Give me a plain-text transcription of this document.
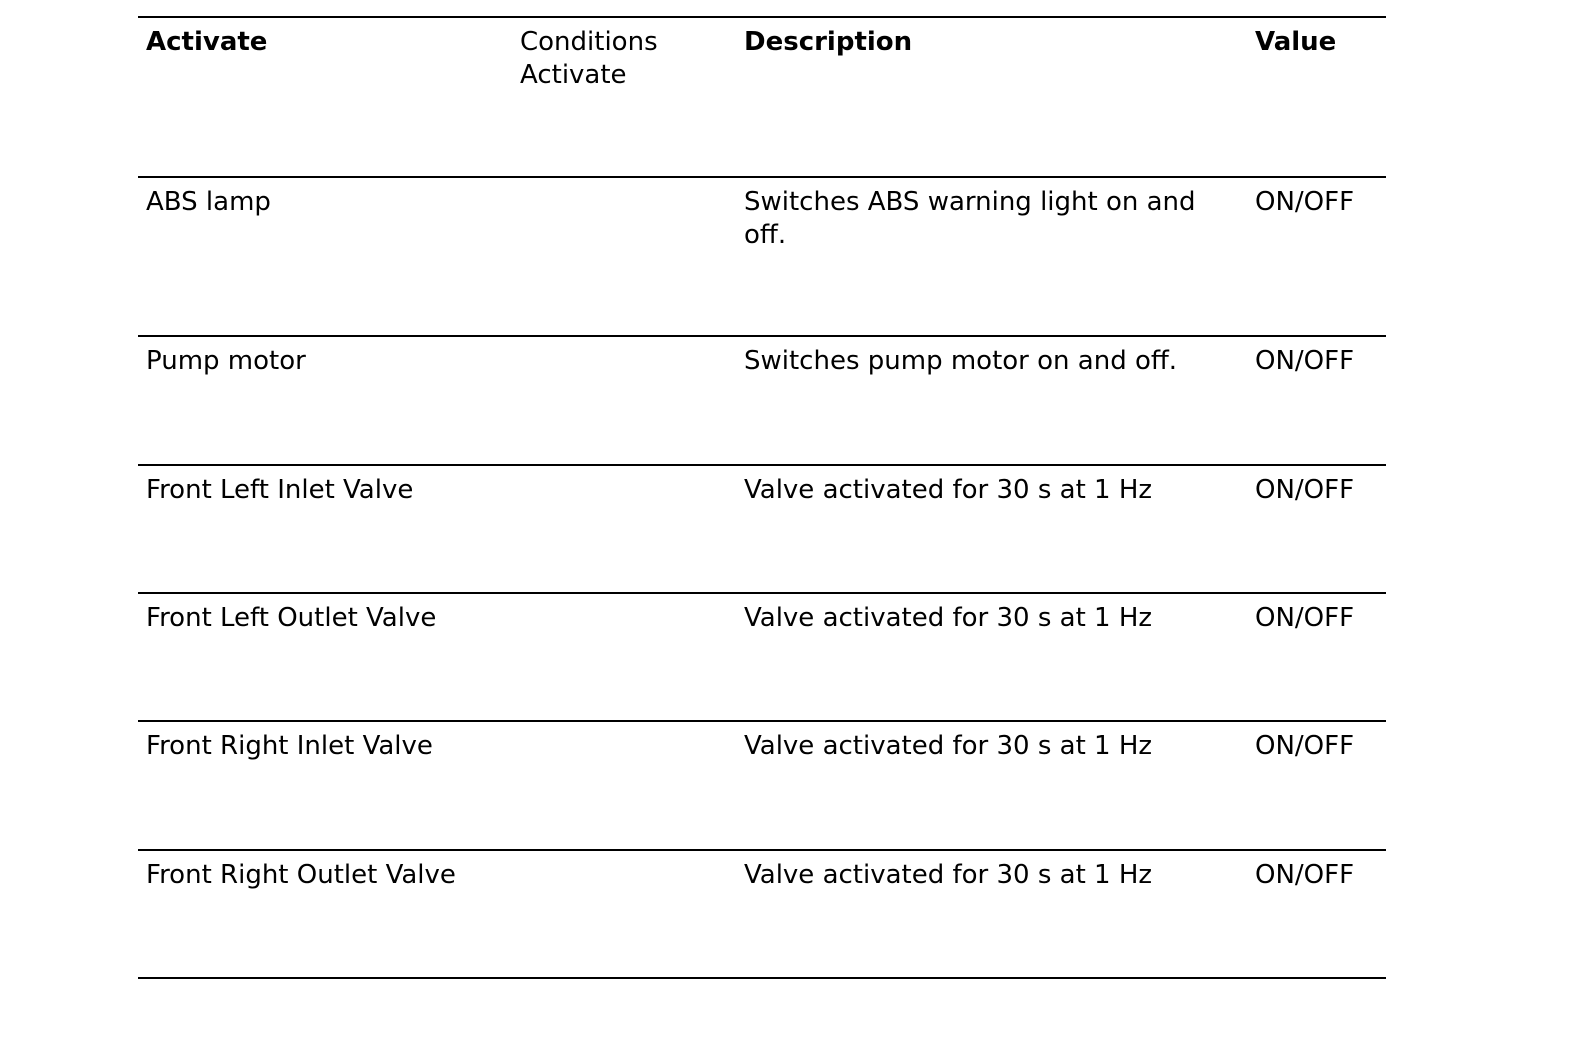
Activate	Conditions Activate	Description	Value
ABS lamp		Switches ABS warning light on and off.	ON/OFF
Pump motor		Switches pump motor on and off.	ON/OFF
Front Left Inlet Valve		Valve activated for 30 s at 1 Hz	ON/OFF
Front Left Outlet Valve		Valve activated for 30 s at 1 Hz	ON/OFF
Front Right Inlet Valve		Valve activated for 30 s at 1 Hz	ON/OFF
Front Right Outlet Valve		Valve activated for 30 s at 1 Hz	ON/OFF
